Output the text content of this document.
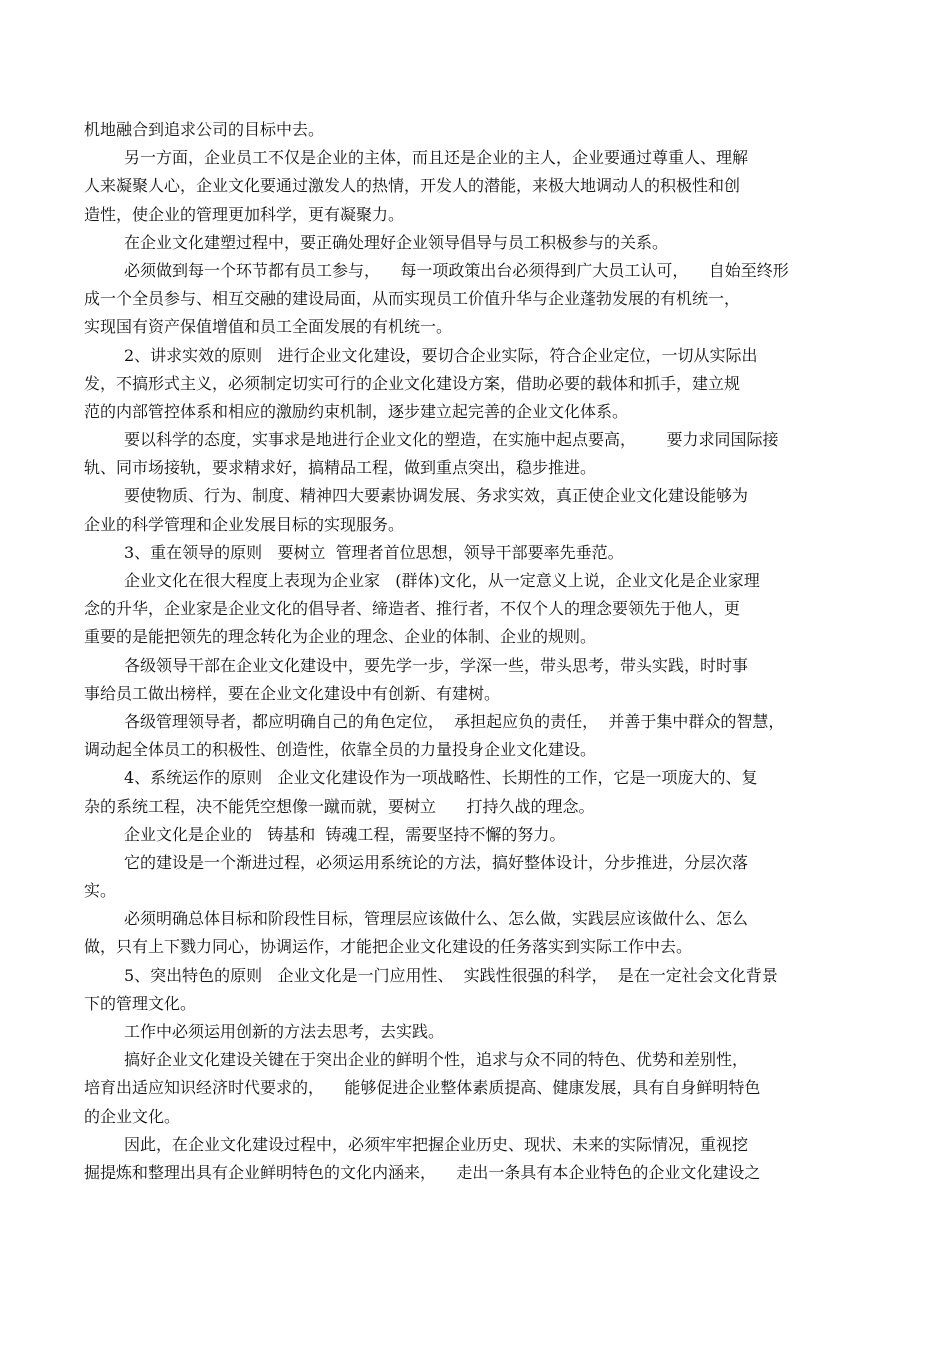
机地融合到追求公司的目标中去。
另一方面，企业员工不仅是企业的主体，而且还是企业的主人，企业要通过尊重人、理解
人来凝聚人心，企业文化要通过激发人的热情，开发人的潜能，来极大地调动人的积极性和创
造性，使企业的管理更加科学，更有凝聚力。
在企业文化建塑过程中，要正确处理好企业领导倡导与员工积极参与的关系。
必须做到每一个环节都有员工参与，    每一项政策出台必须得到广大员工认可，    自始至终形
成一个全员参与、相互交融的建设局面，从而实现员工价值升华与企业蓬勃发展的有机统一，
实现国有资产保值增值和员工全面发展的有机统一。
2、讲求实效的原则   进行企业文化建设，要切合企业实际，符合企业定位，一切从实际出
发，不搞形式主义，必须制定切实可行的企业文化建设方案，借助必要的载体和抓手，建立规
范的内部管控体系和相应的激励约束机制，逐步建立起完善的企业文化体系。
要以科学的态度，实事求是地进行企业文化的塑造，在实施中起点要高，      要力求同国际接
轨、同市场接轨，要求精求好，搞精品工程，做到重点突出，稳步推进。
要使物质、行为、制度、精神四大要素协调发展、务求实效，真正使企业文化建设能够为
企业的科学管理和企业发展目标的实现服务。
3、重在领导的原则   要树立  管理者首位思想，领导干部要率先垂范。
企业文化在很大程度上表现为企业家   (群体)文化，从一定意义上说，企业文化是企业家理
念的升华，企业家是企业文化的倡导者、缔造者、推行者，不仅个人的理念要领先于他人，更
重要的是能把领先的理念转化为企业的理念、企业的体制、企业的规则。
各级领导干部在企业文化建设中，要先学一步，学深一些，带头思考，带头实践，时时事
事给员工做出榜样，要在企业文化建设中有创新、有建树。
各级管理领导者，都应明确自己的角色定位，  承担起应负的责任，  并善于集中群众的智慧，
调动起全体员工的积极性、创造性，依靠全员的力量投身企业文化建设。
4、系统运作的原则   企业文化建设作为一项战略性、长期性的工作，它是一项庞大的、复
杂的系统工程，决不能凭空想像一蹴而就，要树立      打持久战的理念。
企业文化是企业的   铸基和  铸魂工程，需要坚持不懈的努力。
它的建设是一个渐进过程，必须运用系统论的方法，搞好整体设计，分步推进，分层次落
实。
必须明确总体目标和阶段性目标，管理层应该做什么、怎么做，实践层应该做什么、怎么
做，只有上下戮力同心，协调运作，才能把企业文化建设的任务落实到实际工作中去。
5、突出特色的原则   企业文化是一门应用性、  实践性很强的科学，  是在一定社会文化背景
下的管理文化。
工作中必须运用创新的方法去思考，去实践。
搞好企业文化建设关键在于突出企业的鲜明个性，追求与众不同的特色、优势和差别性，
培育出适应知识经济时代要求的，    能够促进企业整体素质提高、健康发展，具有自身鲜明特色
的企业文化。
因此，在企业文化建设过程中，必须牢牢把握企业历史、现状、未来的实际情况，重视挖
掘提炼和整理出具有企业鲜明特色的文化内涵来，    走出一条具有本企业特色的企业文化建设之
